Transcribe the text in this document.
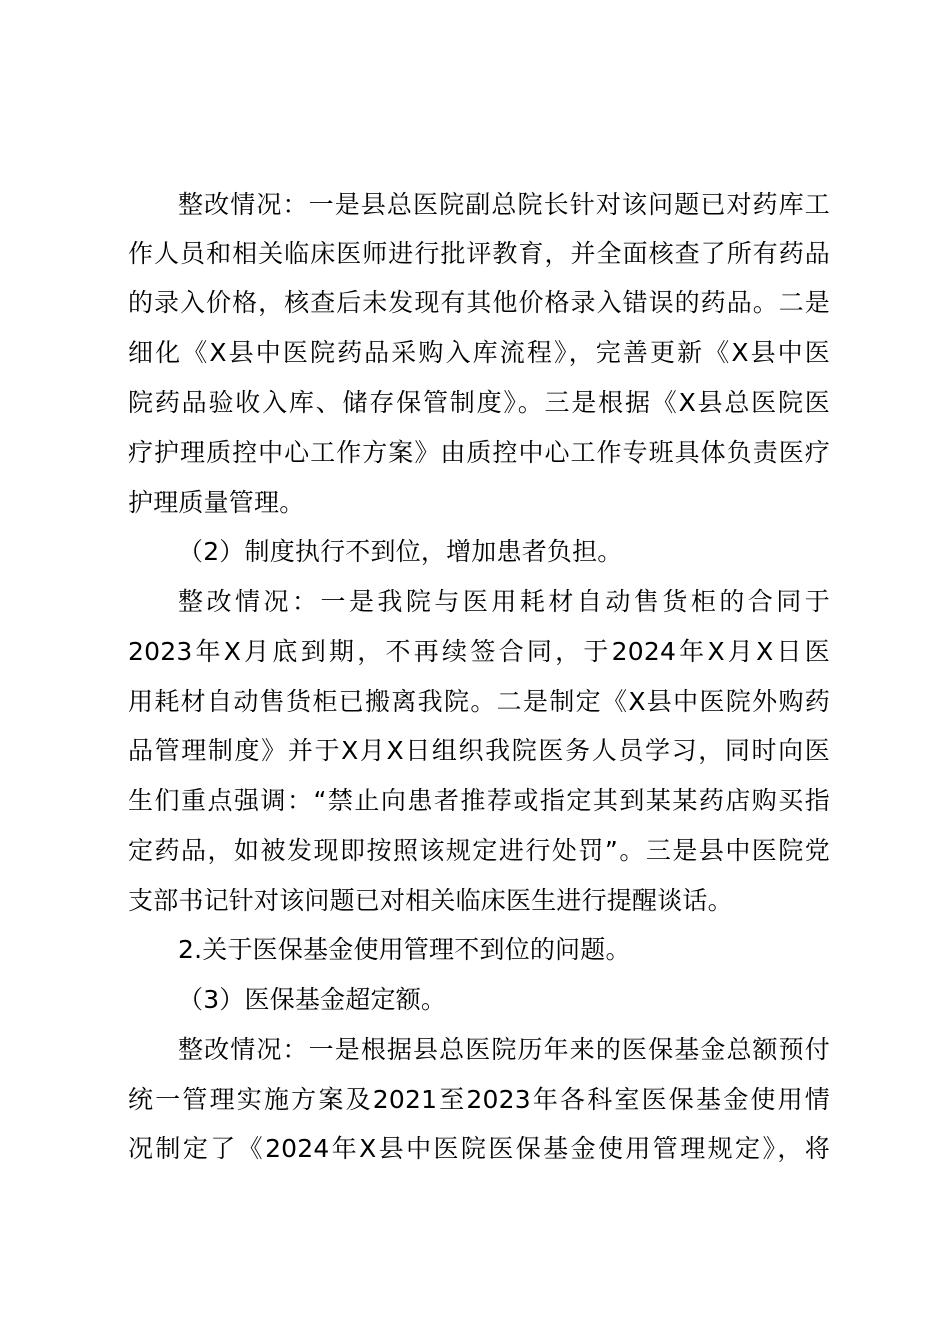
整改情况：一是县总医院副总院长针对该问题已对药库工
作人员和相关临床医师进行批评教育，并全面核查了所有药品
的录入价格，核查后未发现有其他价格录入错误的药品。二是
细化《X县中医院药品采购入库流程》，完善更新《X县中医
院药品验收入库、储存保管制度》。三是根据《X县总医院医
疗护理质控中心工作方案》由质控中心工作专班具体负责医疗
护理质量管理。
（2）制度执行不到位，增加患者负担。
整改情况：一是我院与医用耗材自动售货柜的合同于
2023年X月底到期，不再续签合同，于2024年X月X日医
用耗材自动售货柜已搬离我院。二是制定《X县中医院外购药
品管理制度》并于X月X日组织我院医务人员学习，同时向医
生们重点强调：“禁止向患者推荐或指定其到某某药店购买指
定药品，如被发现即按照该规定进行处罚”。三是县中医院党
支部书记针对该问题已对相关临床医生进行提醒谈话。
2.关于医保基金使用管理不到位的问题。
（3）医保基金超定额。
整改情况：一是根据县总医院历年来的医保基金总额预付
统一管理实施方案及2021至2023年各科室医保基金使用情
况制定了《2024年X县中医院医保基金使用管理规定》，将
